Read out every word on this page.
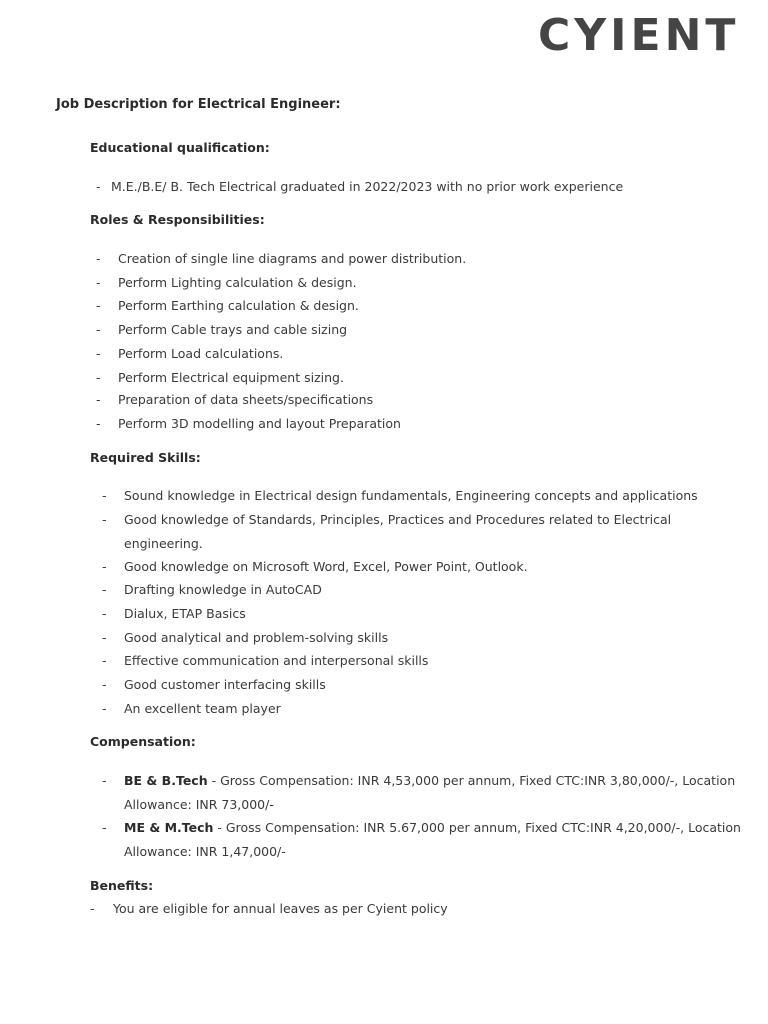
CYIENT
Job Description for Electrical Engineer:
Educational qualification:
- M.E./B.E/ B. Tech Electrical graduated in 2022/2023 with no prior work experience
Roles & Responsibilities:
- Creation of single line diagrams and power distribution.
- Perform Lighting calculation & design.
- Perform Earthing calculation & design.
- Perform Cable trays and cable sizing
- Perform Load calculations.
- Perform Electrical equipment sizing.
- Preparation of data sheets/specifications
- Perform 3D modelling and layout Preparation
Required Skills:
- Sound knowledge in Electrical design fundamentals, Engineering concepts and applications
- Good knowledge of Standards, Principles, Practices and Procedures related to Electrical
engineering.
- Good knowledge on Microsoft Word, Excel, Power Point, Outlook.
- Drafting knowledge in AutoCAD
- Dialux, ETAP Basics
- Good analytical and problem-solving skills
- Effective communication and interpersonal skills
- Good customer interfacing skills
- An excellent team player
Compensation:
- BE & B.Tech - Gross Compensation: INR 4,53,000 per annum, Fixed CTC:INR 3,80,000/-, Location
Allowance: INR 73,000/-
- ME & M.Tech - Gross Compensation: INR 5.67,000 per annum, Fixed CTC:INR 4,20,000/-, Location
Allowance: INR 1,47,000/-
Benefits:
- You are eligible for annual leaves as per Cyient policy
